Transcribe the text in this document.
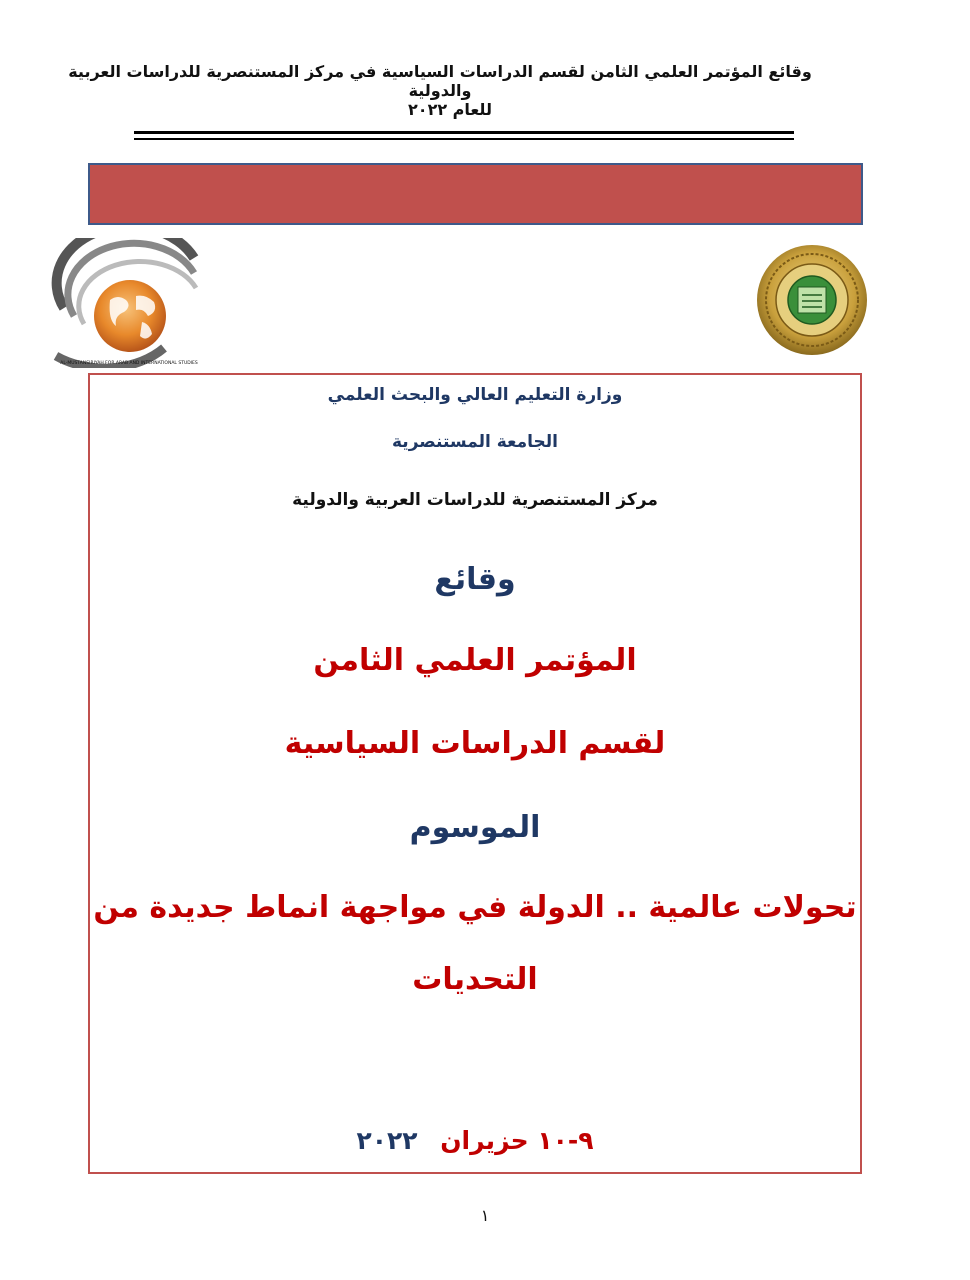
وقائع المؤتمر العلمي الثامن لقسم الدراسات السياسية في مركز المستنصرية للدراسات العربية والدولية
للعام ٢٠٢٢
AL-MUSTANSIRIYAH FOR ARAB AND INTERNATIONAL STUDIES
وزارة التعليم العالي والبحث العلمي
الجامعة المستنصرية
مركز المستنصرية للدراسات العربية والدولية
وقائع
المؤتمر العلمي الثامن
لقسم الدراسات السياسية
الموسوم
تحولات عالمية .. الدولة في مواجهة انماط جديدة من
التحديات
٩-١٠ حزيران ٢٠٢٢
١
